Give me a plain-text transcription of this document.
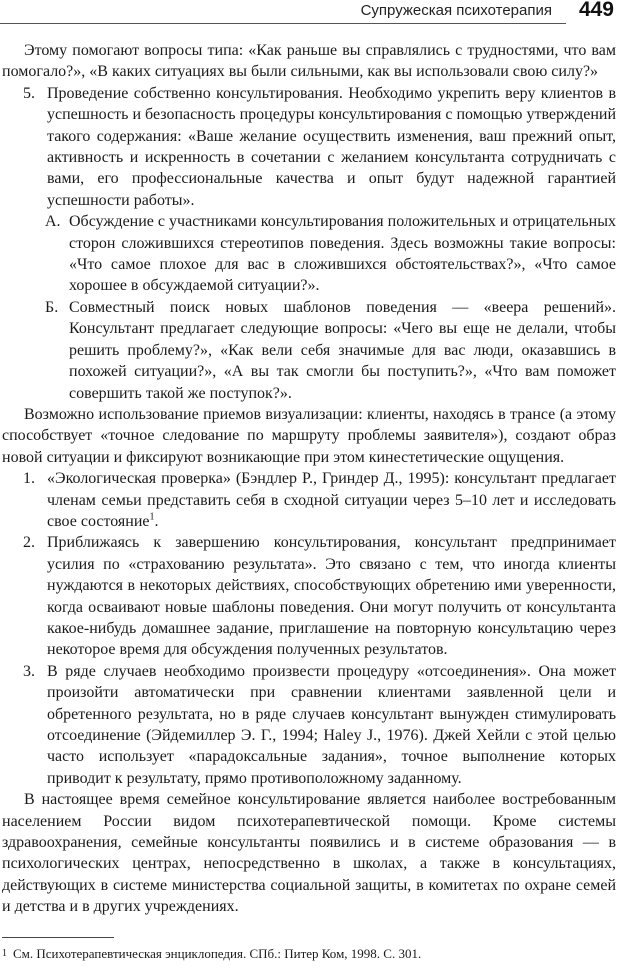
Супружеская психотерапия 449

Этому помогают вопросы типа: «Как раньше вы справлялись с трудностями, что вам помогало?», «В каких ситуациях вы были сильными, как вы использовали свою силу?»

5. Проведение собственно консультирования. Необходимо укрепить веру клиентов в успешность и безопасность процедуры консультирования с помощью утверждений такого содержания: «Ваше желание осуществить изменения, ваш прежний опыт, активность и искренность в сочетании с желанием консультанта сотрудничать с вами, его профессиональные качества и опыт будут надежной гарантией успешности работы».

А. Обсуждение с участниками консультирования положительных и отрицательных сторон сложившихся стереотипов поведения. Здесь возможны такие вопросы: «Что самое плохое для вас в сложившихся обстоятельствах?», «Что самое хорошее в обсуждаемой ситуации?».

Б. Совместный поиск новых шаблонов поведения — «веера решений». Консультант предлагает следующие вопросы: «Чего вы еще не делали, чтобы решить проблему?», «Как вели себя значимые для вас люди, оказавшись в похожей ситуации?», «А вы так смогли бы поступить?», «Что вам поможет совершить такой же поступок?».

Возможно использование приемов визуализации: клиенты, находясь в трансе (а этому способствует «точное следование по маршруту проблемы заявителя»), создают образ новой ситуации и фиксируют возникающие при этом кинестетические ощущения.

1. «Экологическая проверка» (Бэндлер Р., Гриндер Д., 1995): консультант предлагает членам семьи представить себя в сходной ситуации через 5–10 лет и исследовать свое состояние$^1$.

2. Приближаясь к завершению консультирования, консультант предпринимает усилия по «страхованию результата». Это связано с тем, что иногда клиенты нуждаются в некоторых действиях, способствующих обретению ими уверенности, когда осваивают новые шаблоны поведения. Они могут получить от консультанта какое-нибудь домашнее задание, приглашение на повторную консультацию через некоторое время для обсуждения полученных результатов.

3. В ряде случаев необходимо произвести процедуру «отсоединения». Она может произойти автоматически при сравнении клиентами заявленной цели и обретенного результата, но в ряде случаев консультант вынужден стимулировать отсоединение (Эйдемиллер Э. Г., 1994; Haley J., 1976). Джей Хейли с этой целью часто использует «парадоксальные задания», точное выполнение которых приводит к результату, прямо противоположному заданному.

В настоящее время семейное консультирование является наиболее востребованным населением России видом психотерапевтической помощи. Кроме системы здравоохранения, семейные консультанты появились и в системе образования — в психологических центрах, непосредственно в школах, а также в консультациях, действующих в системе министерства социальной защиты, в комитетах по охране семей и детства и в других учреждениях.

$^1$ См. Психотерапевтическая энциклопедия. СПб.: Питер Ком, 1998. С. 301.
